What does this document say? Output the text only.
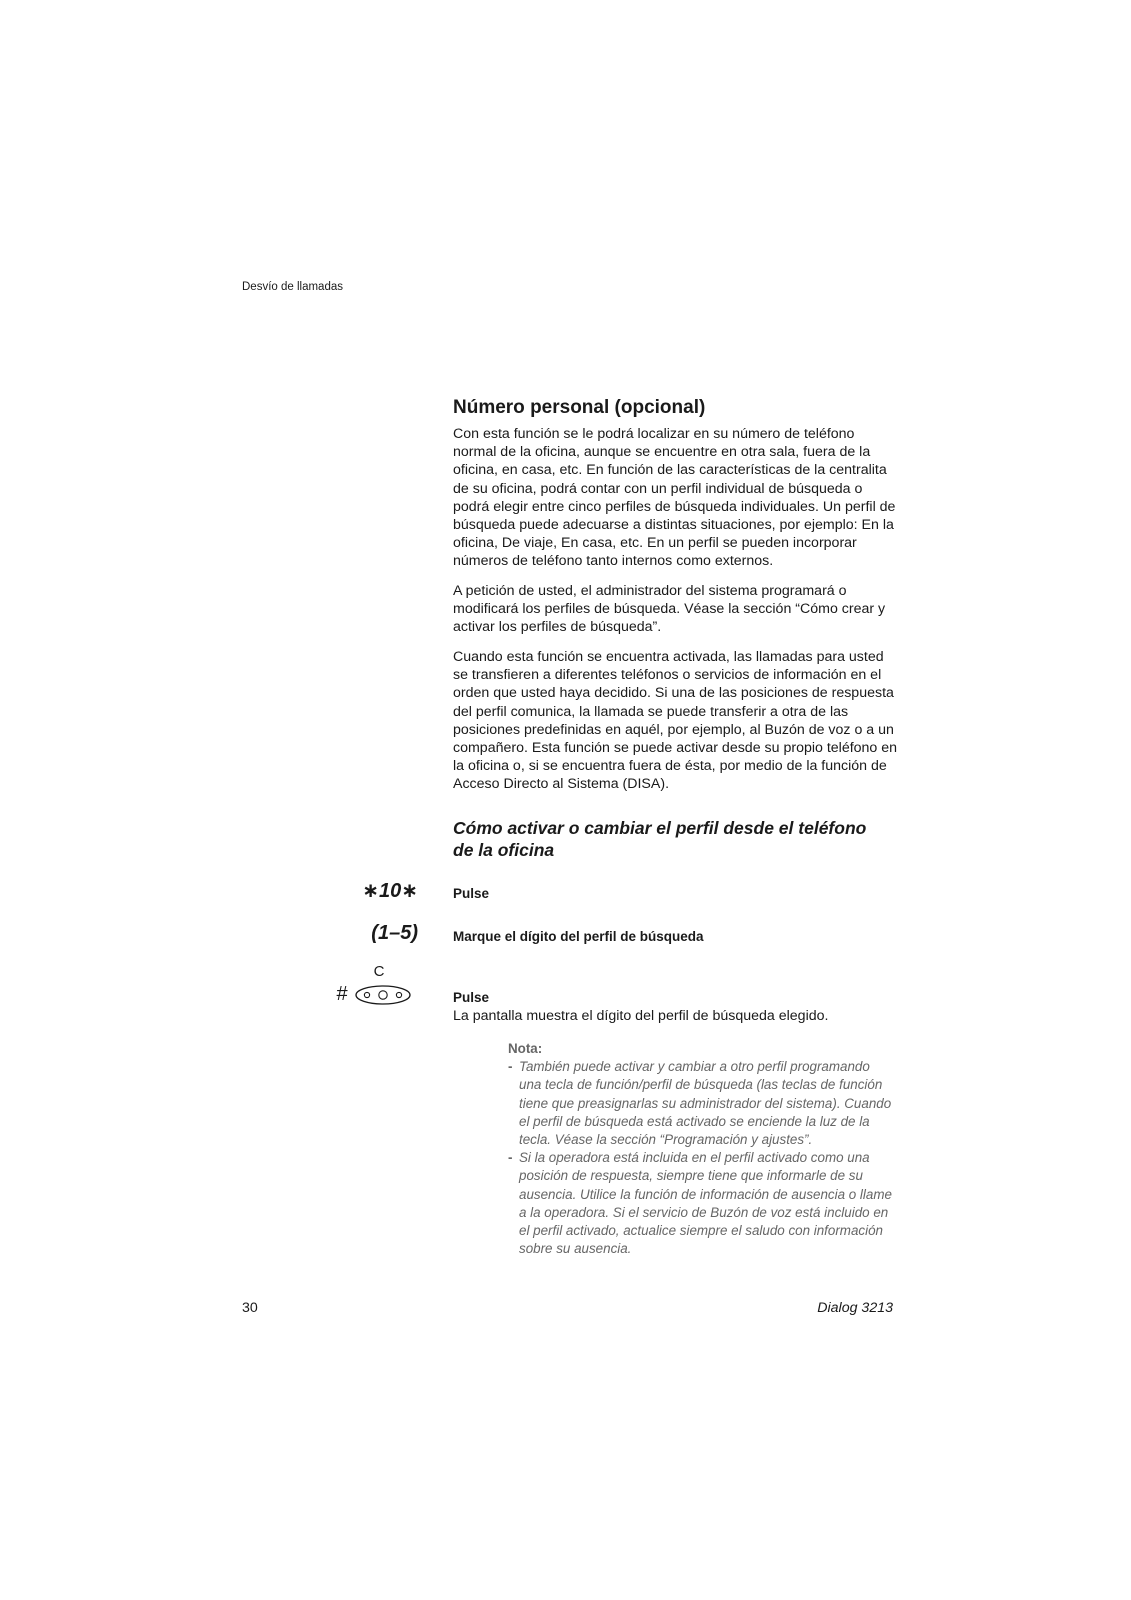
Desvío de llamadas
Número personal (opcional)

Con esta función se le podrá localizar en su número de teléfono normal de la oficina, aunque se encuentre en otra sala, fuera de la oficina, en casa, etc. En función de las características de la centralita de su oficina, podrá contar con un perfil individual de búsqueda o podrá elegir entre cinco perfiles de búsqueda individuales. Un perfil de búsqueda puede adecuarse a distintas situaciones, por ejemplo: En la oficina, De viaje, En casa, etc. En un perfil se pueden incorporar números de teléfono tanto internos como externos.

A petición de usted, el administrador del sistema programará o modificará los perfiles de búsqueda. Véase la sección “Cómo crear y activar los perfiles de búsqueda”.

Cuando esta función se encuentra activada, las llamadas para usted se transfieren a diferentes teléfonos o servicios de información en el orden que usted haya decidido. Si una de las posiciones de respuesta del perfil comunica, la llamada se puede transferir a otra de las posiciones predefinidas en aquél, por ejemplo, al Buzón de voz o a un compañero. Esta función se puede activar desde su propio teléfono en la oficina o, si se encuentra fuera de ésta, por medio de la función de Acceso Directo al Sistema (DISA).

Cómo activar o cambiar el perfil desde el teléfono de la oficina
∗10∗	Pulse
(1–5)	Marque el dígito del perfil de búsqueda
C
#	Pulse
La pantalla muestra el dígito del perfil de búsqueda elegido.
Nota:

- También puede activar y cambiar a otro perfil programando una tecla de función/perfil de búsqueda (las teclas de función tiene que preasignarlas su administrador del sistema). Cuando el perfil de búsqueda está activado se enciende la luz de la tecla. Véase la sección “Programación y ajustes”.

- Si la operadora está incluida en el perfil activado como una posición de respuesta, siempre tiene que informarle de su ausencia. Utilice la función de información de ausencia o llame a la operadora. Si el servicio de Buzón de voz está incluido en el perfil activado, actualice siempre el saludo con información sobre su ausencia.

30	Dialog 3213
